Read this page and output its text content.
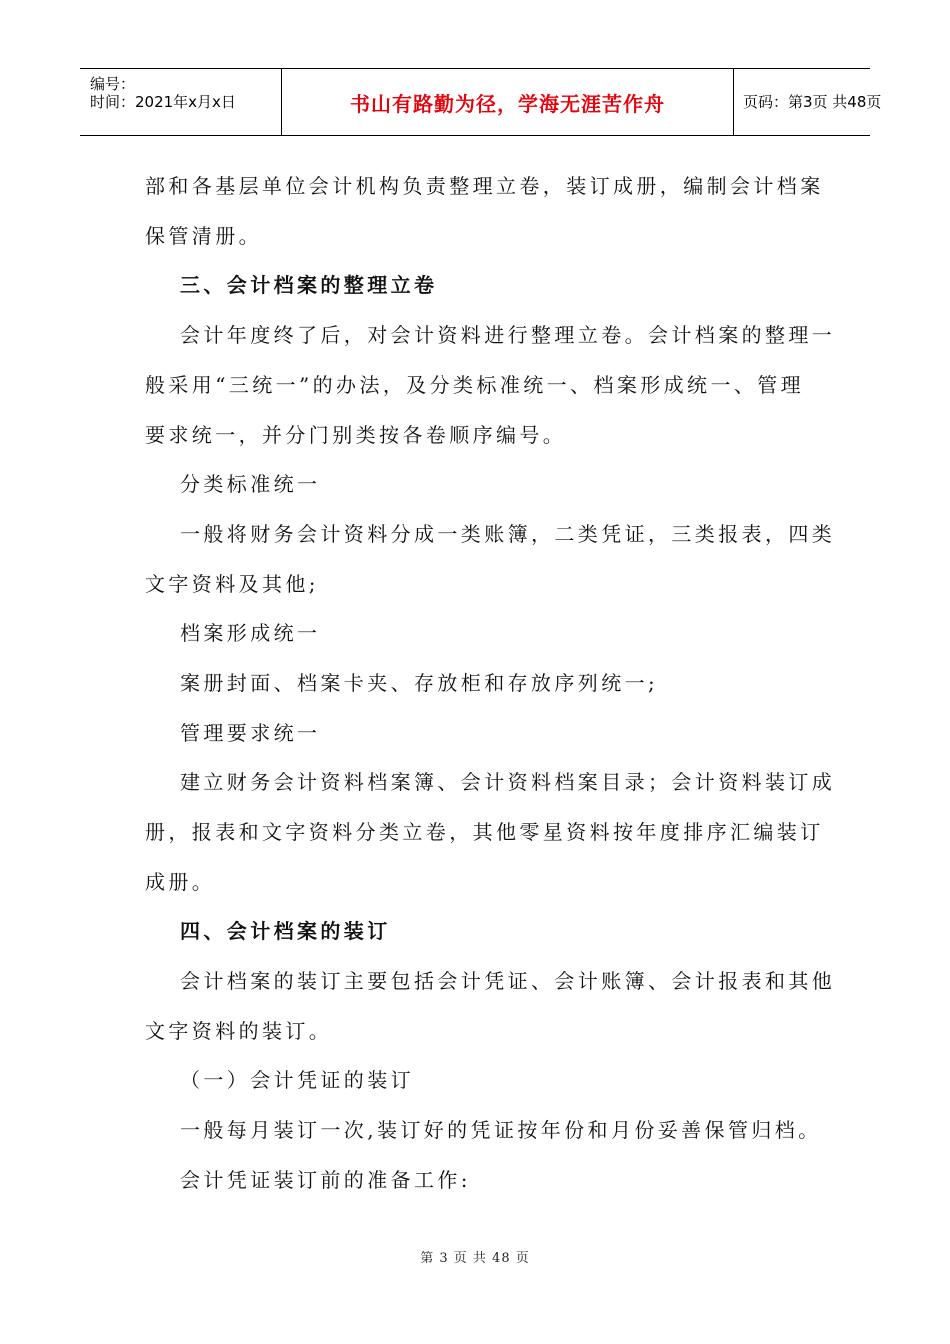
编号：
时间：2021年x月x日	书山有路勤为径，学海无涯苦作舟	页码：第3页 共48页
部和各基层单位会计机构负责整理立卷，装订成册，编制会计档案
保管清册。
三、会计档案的整理立卷
会计年度终了后，对会计资料进行整理立卷。会计档案的整理一
般采用“三统一”的办法，及分类标准统一、档案形成统一、管理
要求统一，并分门别类按各卷顺序编号。
分类标准统一
一般将财务会计资料分成一类账簿，二类凭证，三类报表，四类
文字资料及其他;
档案形成统一
案册封面、档案卡夹、存放柜和存放序列统一;
管理要求统一
建立财务会计资料档案簿、会计资料档案目录；会计资料装订成
册，报表和文字资料分类立卷，其他零星资料按年度排序汇编装订
成册。
四、会计档案的装订
会计档案的装订主要包括会计凭证、会计账簿、会计报表和其他
文字资料的装订。
（一）会计凭证的装订
一般每月装订一次,装订好的凭证按年份和月份妥善保管归档。
会计凭证装订前的准备工作:
第 3 页 共 48 页
